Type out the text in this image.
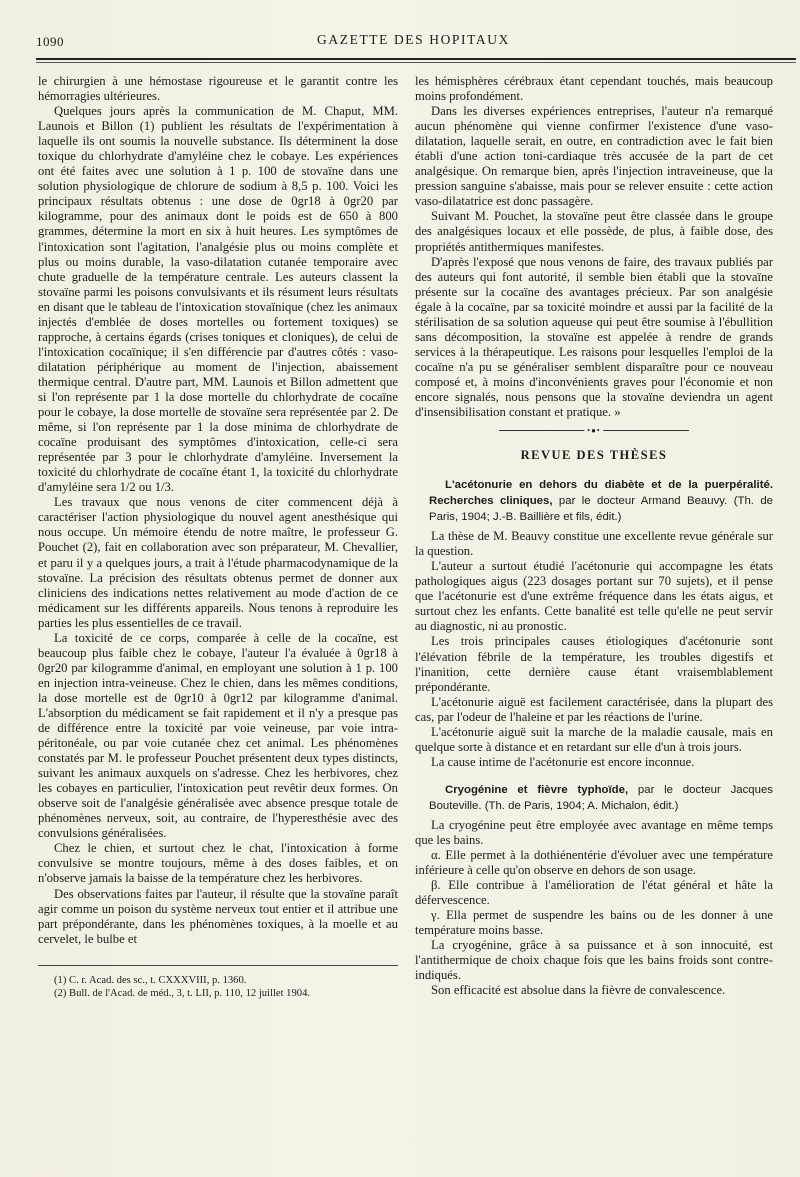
1090	GAZETTE DES HOPITAUX

le chirurgien à une hémostase rigoureuse et le garantit contre les hémorragies ultérieures.

Quelques jours après la communication de M. Chaput, MM. Launois et Billon (1) publient les résultats de l'expérimentation à laquelle ils ont soumis la nouvelle substance. Ils déterminent la dose toxique du chlorhydrate d'amyléine chez le cobaye. Les expériences ont été faites avec une solution à 1 p. 100 de stovaïne dans une solution physiologique de chlorure de sodium à 8,5 p. 100. Voici les principaux résultats obtenus : une dose de 0gr18 à 0gr20 par kilogramme, pour des animaux dont le poids est de 650 à 800 grammes, détermine la mort en six à huit heures. Les symptômes de l'intoxication sont l'agitation, l'analgésie plus ou moins complète et plus ou moins durable, la vaso-dilatation cutanée temporaire avec chute graduelle de la température centrale. Les auteurs classent la stovaïne parmi les poisons convulsivants et ils résument leurs résultats en disant que le tableau de l'intoxication stovaïnique (chez les animaux injectés d'emblée de doses mortelles ou fortement toxiques) se rapproche, à certains égards (crises toniques et cloniques), de celui de l'intoxication cocaïnique; il s'en différencie par d'autres côtés : vaso-dilatation périphérique au moment de l'injection, abaissement thermique central. D'autre part, MM. Launois et Billon admettent que si l'on représente par 1 la dose mortelle du chlorhydrate de cocaïne pour le cobaye, la dose mortelle de stovaïne sera représentée par 2. De même, si l'on représente par 1 la dose minima de chlorhydrate de cocaïne produisant des symptômes d'intoxication, celle-ci sera représentée par 3 pour le chlorhydrate d'amyléine. Inversement la toxicité du chlorhydrate de cocaïne étant 1, la toxicité du chlorhydrate d'amyléine sera 1/2 ou 1/3.

Les travaux que nous venons de citer commencent déjà à caractériser l'action physiologique du nouvel agent anesthésique qui nous occupe. Un mémoire étendu de notre maître, le professeur G. Pouchet (2), fait en collaboration avec son préparateur, M. Chevallier, et paru il y a quelques jours, a trait à l'étude pharmacodynamique de la stovaïne. La précision des résultats obtenus permet de donner aux cliniciens des indications nettes relativement au mode d'action de ce médicament sur les différents appareils. Nous tenons à reproduire les parties les plus essentielles de ce travail.

La toxicité de ce corps, comparée à celle de la cocaïne, est beaucoup plus faible chez le cobaye, l'auteur l'a évaluée à 0gr18 à 0gr20 par kilogramme d'animal, en employant une solution à 1 p. 100 en injection intra-veineuse. Chez le chien, dans les mêmes conditions, la dose mortelle est de 0gr10 à 0gr12 par kilogramme d'animal. L'absorption du médicament se fait rapidement et il n'y a presque pas de différence entre la toxicité par voie veineuse, par voie intra-péritonéale, ou par voie cutanée chez cet animal. Les phénomènes constatés par M. le professeur Pouchet présentent deux types distincts, suivant les animaux auxquels on s'adresse. Chez les herbivores, chez les cobayes en particulier, l'intoxication peut revêtir deux formes. On observe soit de l'analgésie généralisée avec absence presque totale de phénomènes nerveux, soit, au contraire, de l'hyperesthésie avec des convulsions généralisées.

Chez le chien, et surtout chez le chat, l'intoxication à forme convulsive se montre toujours, même à des doses faibles, et on n'observe jamais la baisse de la température chez les herbivores.

Des observations faites par l'auteur, il résulte que la stovaïne paraît agir comme un poison du système nerveux tout entier et il attribue une part prépondérante, dans les phénomènes toxiques, à la moelle et au cervelet, le bulbe et

(1) C. r. Acad. des sc., t. CXXXVIII, p. 1360.

(2) Bull. de l'Acad. de méd., 3, t. LII, p. 110, 12 juillet 1904.

les hémisphères cérébraux étant cependant touchés, mais beaucoup moins profondément.

Dans les diverses expériences entreprises, l'auteur n'a remarqué aucun phénomène qui vienne confirmer l'existence d'une vaso-dilatation, laquelle serait, en outre, en contradiction avec le fait bien établi d'une action toni-cardiaque très accusée de la part de cet analgésique. On remarque bien, après l'injection intraveineuse, que la pression sanguine s'abaisse, mais pour se relever ensuite : cette action vaso-dilatatrice est donc passagère.

Suivant M. Pouchet, la stovaïne peut être classée dans le groupe des analgésiques locaux et elle possède, de plus, à faible dose, des propriétés antithermiques manifestes.

D'après l'exposé que nous venons de faire, des travaux publiés par des auteurs qui font autorité, il semble bien établi que la stovaïne présente sur la cocaïne des avantages précieux. Par son analgésie égale à la cocaïne, par sa toxicité moindre et aussi par la facilité de la stérilisation de sa solution aqueuse qui peut être soumise à l'ébullition sans décomposition, la stovaïne est appelée à rendre de grands services à la thérapeutique. Les raisons pour lesquelles l'emploi de la cocaïne n'a pu se généraliser semblent disparaître pour ce nouveau composé et, à moins d'inconvénients graves pour l'économie et non encore signalés, nous pensons que la stovaïne deviendra un agent d'insensibilisation constant et pratique. »

•●•
REVUE DES THÈSES

L'acétonurie en dehors du diabète et de la puerpéralité. Recherches cliniques, par le docteur Armand Beauvy. (Th. de Paris, 1904; J.-B. Baillière et fils, édit.)

La thèse de M. Beauvy constitue une excellente revue générale sur la question.

L'auteur a surtout étudié l'acétonurie qui accompagne les états pathologiques aigus (223 dosages portant sur 70 sujets), et il pense que l'acétonurie est d'une extrême fréquence dans les états aigus, et surtout chez les enfants. Cette banalité est telle qu'elle ne peut servir au diagnostic, ni au pronostic.

Les trois principales causes étiologiques d'acétonurie sont l'élévation fébrile de la température, les troubles digestifs et l'inanition, cette dernière cause étant vraisemblablement prépondérante.

L'acétonurie aiguë est facilement caractérisée, dans la plupart des cas, par l'odeur de l'haleine et par les réactions de l'urine.

L'acétonurie aiguë suit la marche de la maladie causale, mais en quelque sorte à distance et en retardant sur elle d'un à trois jours.

La cause intime de l'acétonurie est encore inconnue.

Cryogénine et fièvre typhoïde, par le docteur Jacques Bouteville. (Th. de Paris, 1904; A. Michalon, édit.)

La cryogénine peut être employée avec avantage en même temps que les bains.

α. Elle permet à la dothiénentérie d'évoluer avec une température inférieure à celle qu'on observe en dehors de son usage.

β. Elle contribue à l'amélioration de l'état général et hâte la défervescence.

γ. Ella permet de suspendre les bains ou de les donner à une température moins basse.

La cryogénine, grâce à sa puissance et à son innocuité, est l'antithermique de choix chaque fois que les bains froids sont contre-indiqués.

Son efficacité est absolue dans la fièvre de convalescence.
